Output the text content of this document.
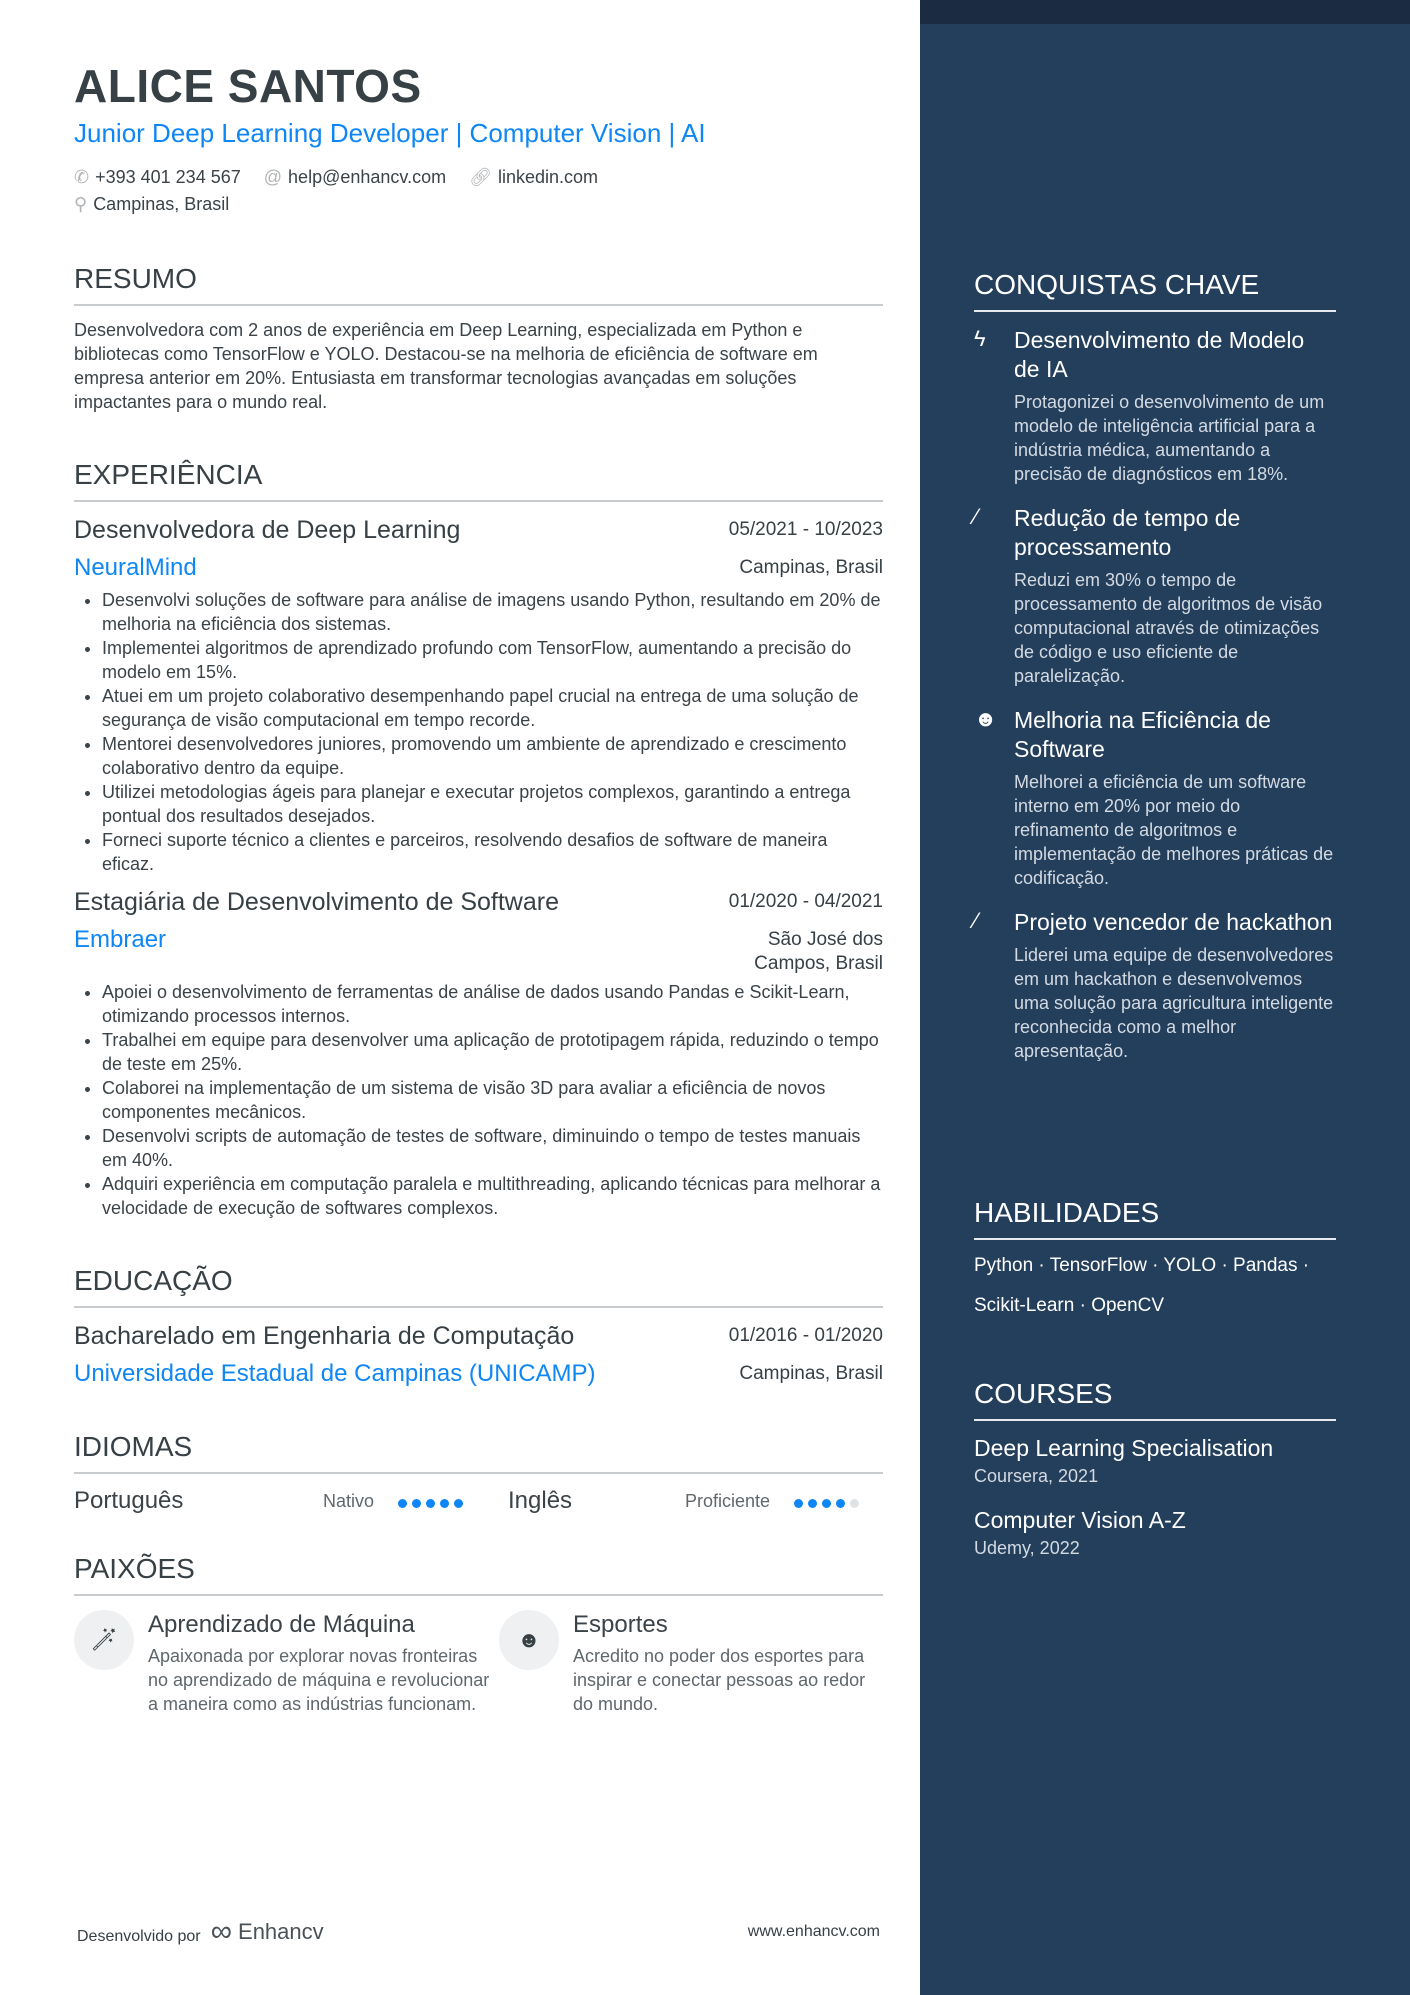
ALICE SANTOS
Junior Deep Learning Developer | Computer Vision | AI
✆ +393 401 234 567 @ help@enhancv.com 🔗︎ linkedin.com
⚲ Campinas, Brasil
RESUMO
Desenvolvedora com 2 anos de experiência em Deep Learning, especializada em Python e bibliotecas como TensorFlow e YOLO. Destacou-se na melhoria de eficiência de software em empresa anterior em 20%. Entusiasta em transformar tecnologias avançadas em soluções impactantes para o mundo real.
EXPERIÊNCIA
Desenvolvedora de Deep Learning	05/2021 - 10/2023
NeuralMind	Campinas, Brasil
• Desenvolvi soluções de software para análise de imagens usando Python, resultando em 20% de melhoria na eficiência dos sistemas.
• Implementei algoritmos de aprendizado profundo com TensorFlow, aumentando a precisão do modelo em 15%.
• Atuei em um projeto colaborativo desempenhando papel crucial na entrega de uma solução de segurança de visão computacional em tempo recorde.
• Mentorei desenvolvedores juniores, promovendo um ambiente de aprendizado e crescimento colaborativo dentro da equipe.
• Utilizei metodologias ágeis para planejar e executar projetos complexos, garantindo a entrega pontual dos resultados desejados.
• Forneci suporte técnico a clientes e parceiros, resolvendo desafios de software de maneira eficaz.
Estagiária de Desenvolvimento de Software	01/2020 - 04/2021
Embraer	São José dos Campos, Brasil
• Apoiei o desenvolvimento de ferramentas de análise de dados usando Pandas e Scikit-Learn, otimizando processos internos.
• Trabalhei em equipe para desenvolver uma aplicação de prototipagem rápida, reduzindo o tempo de teste em 25%.
• Colaborei na implementação de um sistema de visão 3D para avaliar a eficiência de novos componentes mecânicos.
• Desenvolvi scripts de automação de testes de software, diminuindo o tempo de testes manuais em 40%.
• Adquiri experiência em computação paralela e multithreading, aplicando técnicas para melhorar a velocidade de execução de softwares complexos.
EDUCAÇÃO
Bacharelado em Engenharia de Computação	01/2016 - 01/2020
Universidade Estadual de Campinas (UNICAMP)	Campinas, Brasil
IDIOMAS
Português	Nativo	Inglês	Proficiente
PAIXÕES
🪄︎
Aprendizado de Máquina
Apaixonada por explorar novas fronteiras no aprendizado de máquina e revolucionar a maneira como as indústrias funcionam.
☻
Esportes
Acredito no poder dos esportes para inspirar e conectar pessoas ao redor do mundo.
Desenvolvido por ∞ Enhancv	www.enhancv.com
CONQUISTAS CHAVE
ϟ	Desenvolvimento de Modelo de IA
Protagonizei o desenvolvimento de um modelo de inteligência artificial para a indústria médica, aumentando a precisão de diagnósticos em 18%.
⁄	Redução de tempo de processamento
Reduzi em 30% o tempo de processamento de algoritmos de visão computacional através de otimizações de código e uso eficiente de paralelização.
☻ Melhoria na Eficiência de Software
Melhorei a eficiência de um software interno em 20% por meio do refinamento de algoritmos e implementação de melhores práticas de codificação.
⁄	Projeto vencedor de hackathon
Liderei uma equipe de desenvolvedores em um hackathon e desenvolvemos uma solução para agricultura inteligente reconhecida como a melhor apresentação.
HABILIDADES
Python · TensorFlow · YOLO · Pandas ·
Scikit-Learn · OpenCV
COURSES
Deep Learning Specialisation
Coursera, 2021
Computer Vision A-Z
Udemy, 2022
